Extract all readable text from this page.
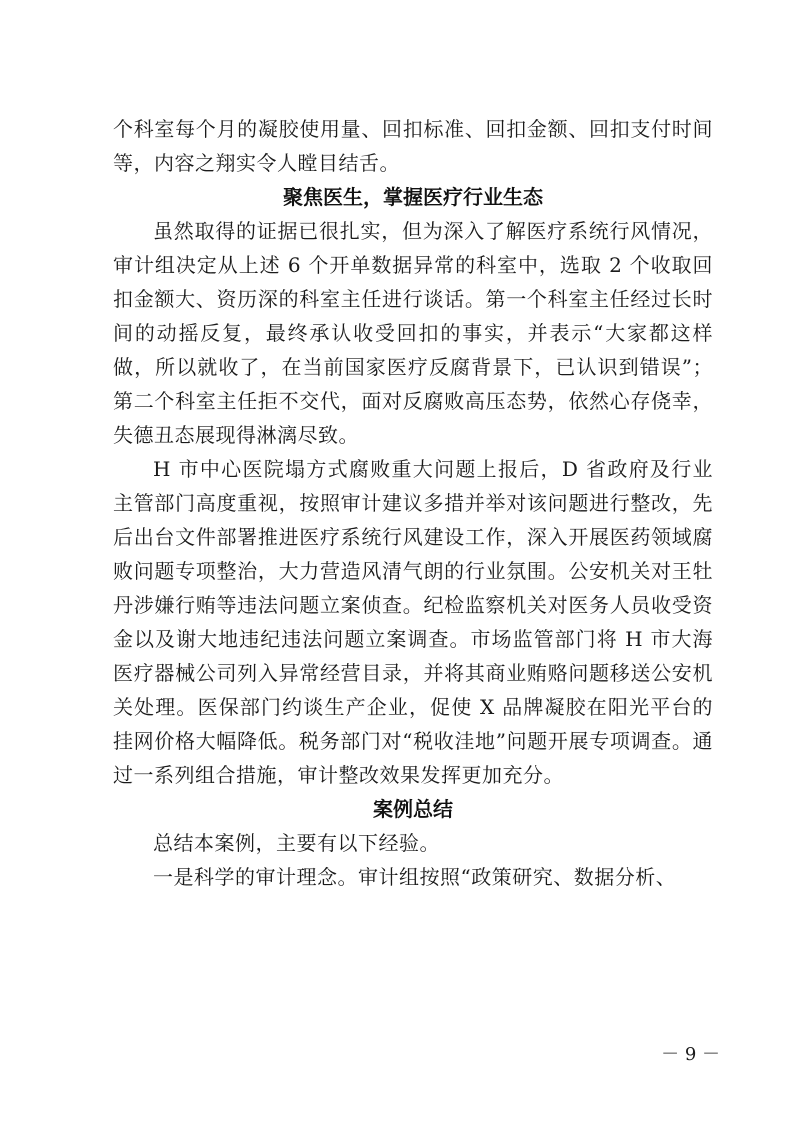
个科室每个月的凝胶使用量、回扣标准、回扣金额、回扣支付时间等，内容之翔实令人瞠目结舌。

聚焦医生，掌握医疗行业生态

虽然取得的证据已很扎实，但为深入了解医疗系统行风情况，审计组决定从上述 6 个开单数据异常的科室中，选取 2 个收取回扣金额大、资历深的科室主任进行谈话。第一个科室主任经过长时间的动摇反复，最终承认收受回扣的事实，并表示“大家都这样做，所以就收了，在当前国家医疗反腐背景下，已认识到错误”；第二个科室主任拒不交代，面对反腐败高压态势，依然心存侥幸，失德丑态展现得淋漓尽致。

H 市中心医院塌方式腐败重大问题上报后，D 省政府及行业主管部门高度重视，按照审计建议多措并举对该问题进行整改，先后出台文件部署推进医疗系统行风建设工作，深入开展医药领域腐败问题专项整治，大力营造风清气朗的行业氛围。公安机关对王牡丹涉嫌行贿等违法问题立案侦查。纪检监察机关对医务人员收受资金以及谢大地违纪违法问题立案调查。市场监管部门将 H 市大海医疗器械公司列入异常经营目录，并将其商业贿赂问题移送公安机关处理。医保部门约谈生产企业，促使 X 品牌凝胶在阳光平台的挂网价格大幅降低。税务部门对“税收洼地”问题开展专项调查。通过一系列组合措施，审计整改效果发挥更加充分。

案例总结

总结本案例，主要有以下经验。

一是科学的审计理念。审计组按照“政策研究、数据分析、

－ 9 －
